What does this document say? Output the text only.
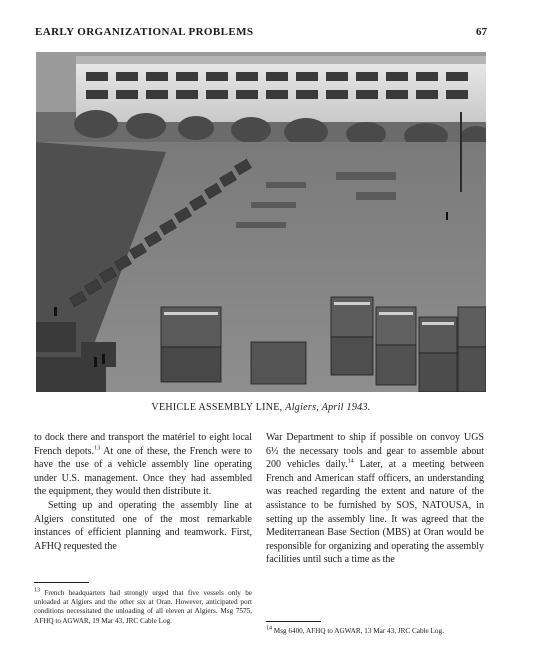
EARLY ORGANIZATIONAL PROBLEMS	67
VEHICLE ASSEMBLY LINE, Algiers, April 1943.

to dock there and transport the matériel to eight local French depots.$^{13}$ At one of these, the French were to have the use of a vehicle assembly line operating under U.S. management. Once they had assembled the equipment, they would then distribute it.

Setting up and operating the assembly line at Algiers constituted one of the most remarkable instances of efficient planning and teamwork. First, AFHQ requested the

War Department to ship if possible on convoy UGS 6½ the necessary tools and gear to assemble about 200 vehicles daily.$^{14}$ Later, at a meeting between French and American staff officers, an understanding was reached regarding the extent and nature of the assistance to be furnished by SOS, NATOUSA, in setting up the assembly line. It was agreed that the Mediterranean Base Section (MBS) at Oran would be responsible for organizing and operating the assembly facilities until such a time as the

$^{13}$ French headquarters had strongly urged that five vessels only be unloaded at Algiers and the other six at Oran. However, anticipated port conditions necessitated the unloading of all eleven at Algiers. Msg 7575, AFHQ to AGWAR, 19 Mar 43, JRC Cable Log.
$^{14}$ Msg 6400, AFHQ to AGWAR, 13 Mar 43, JRC Cable Log.
